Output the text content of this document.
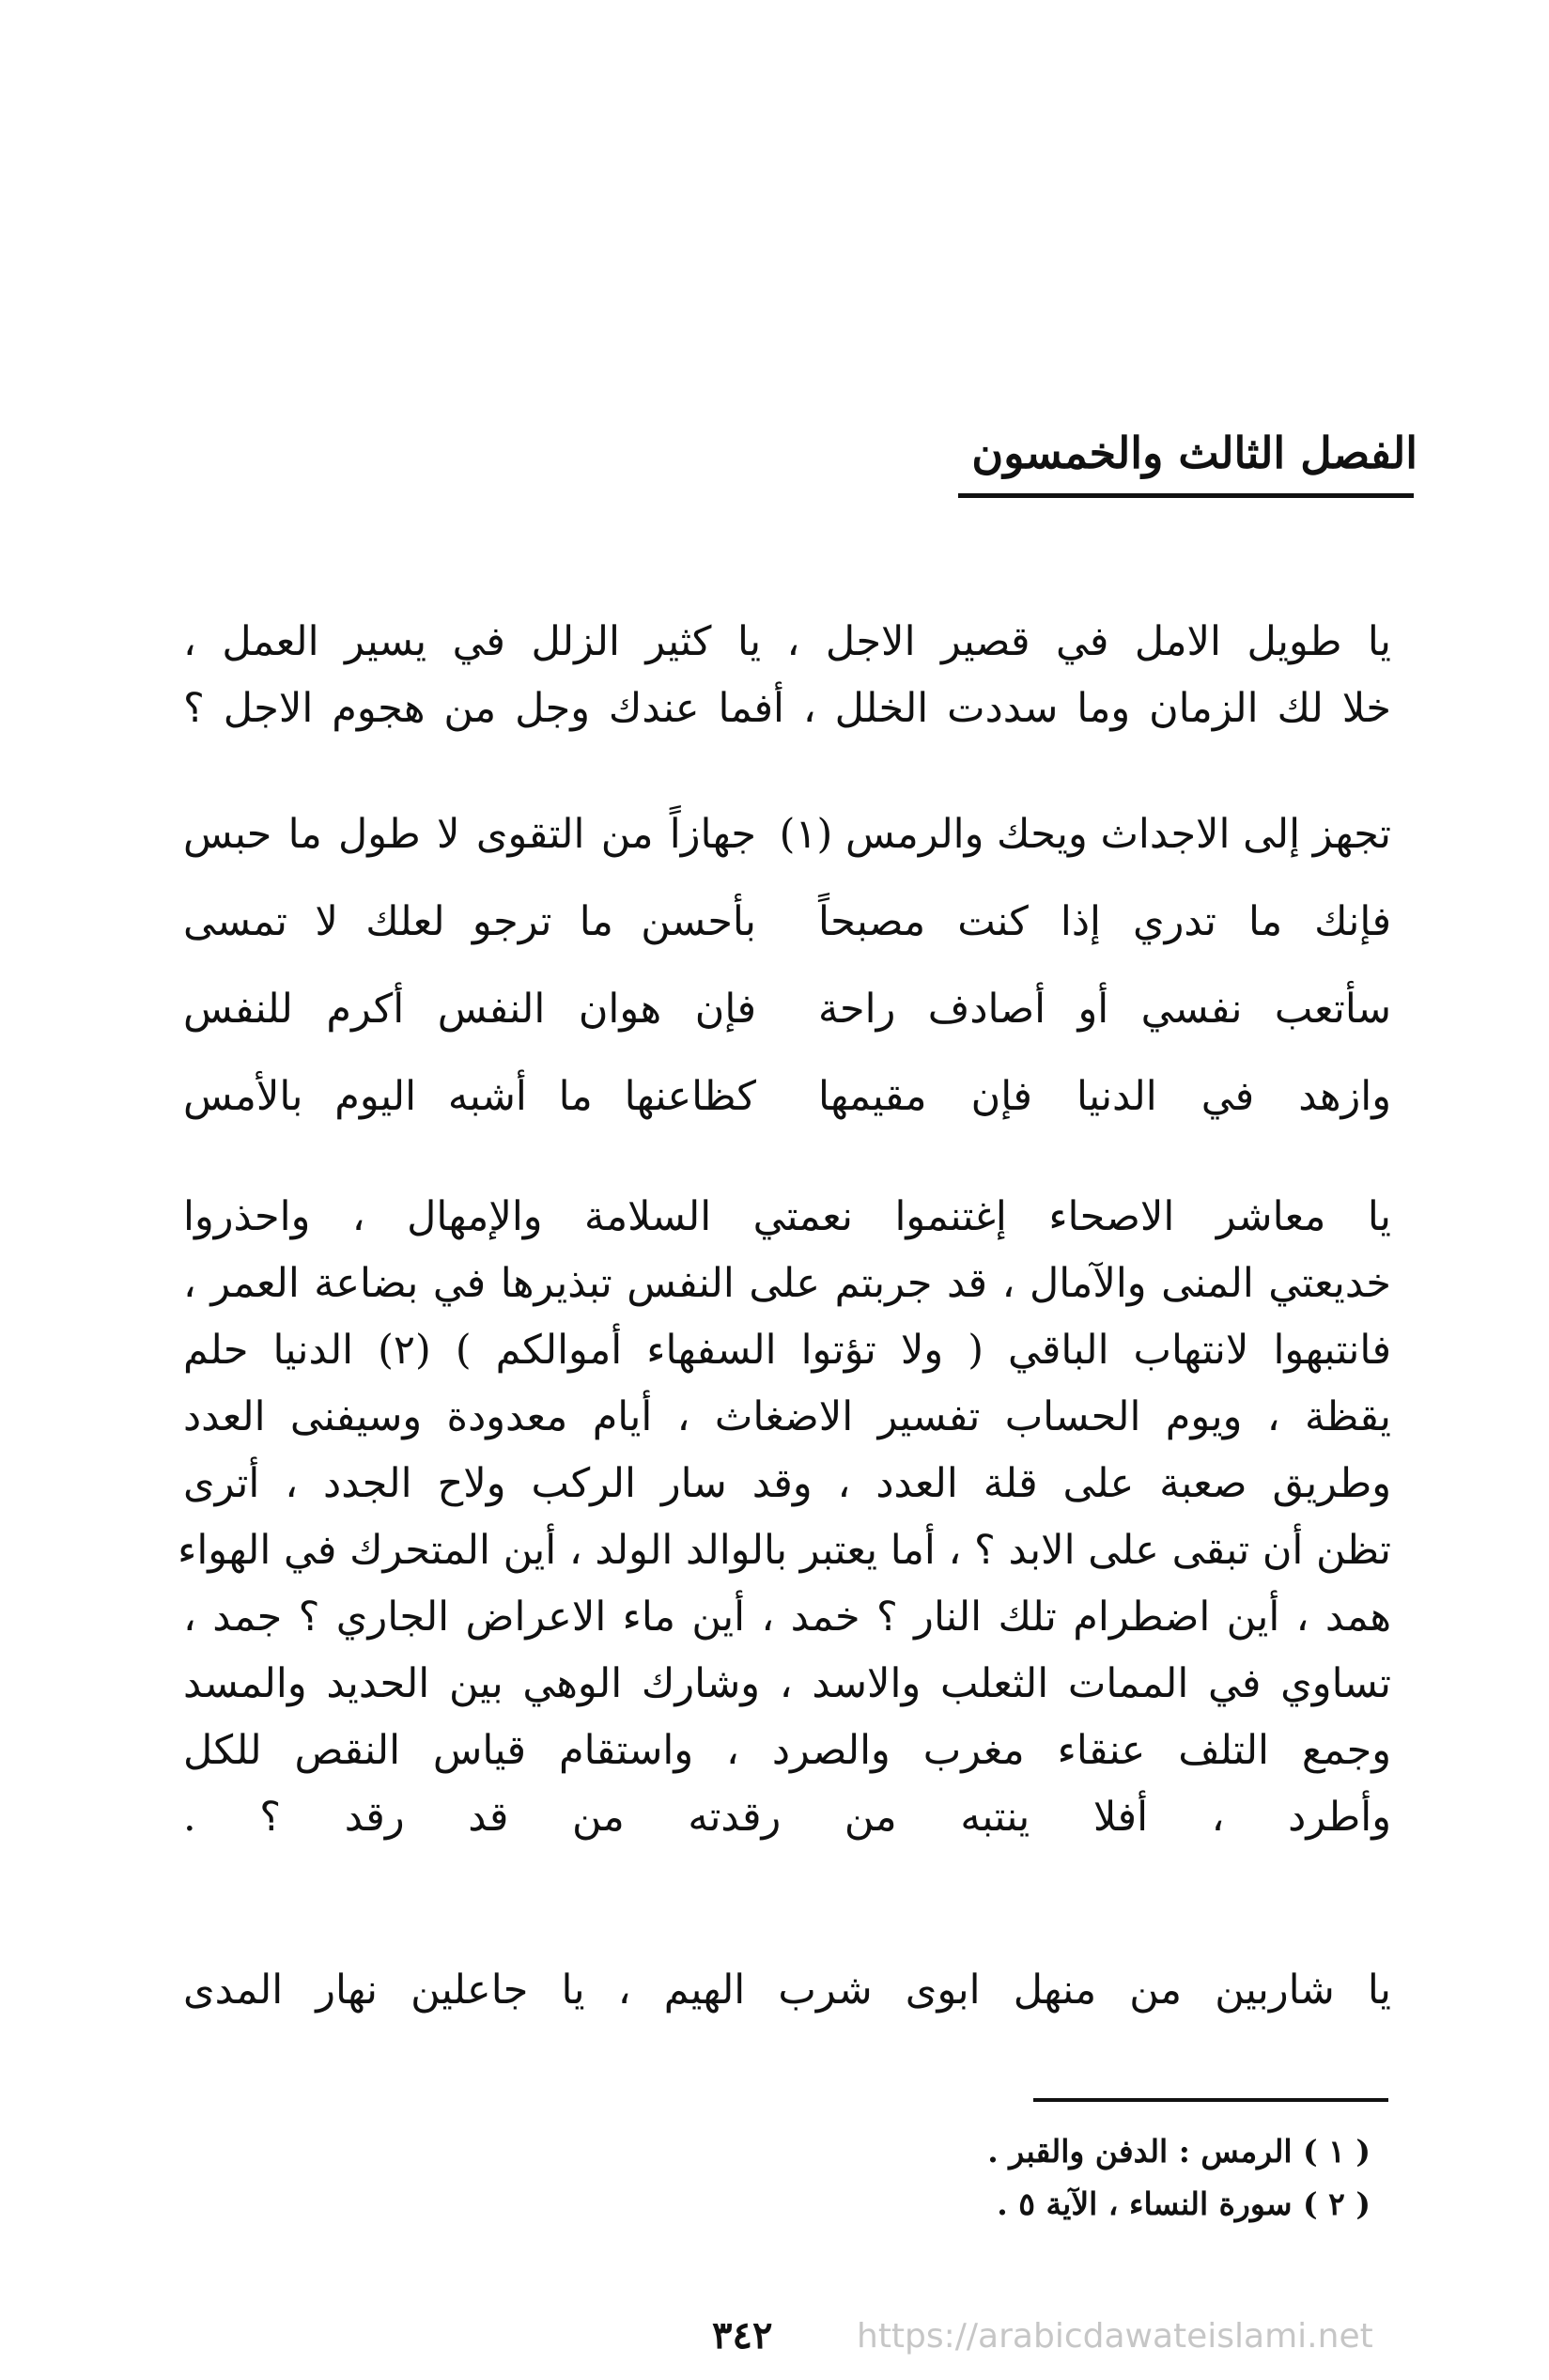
الفصل الثالث والخمسون
يا طويل الامل في قصير الاجل ، يا كثير الزلل في يسير العمل ،
خلا لك الزمان وما سددت الخلل ، أفما عندك وجل من هجوم الاجل ؟
تجهز إلى الاجداث ويحك والرمس (١)
جهازاً من التقوى لا طول ما حبس
فإنك ما تدري إذا كنت مصبحاً
بأحسن ما ترجو لعلك لا تمسى
سأتعب نفسي أو أصادف راحة
فإن هوان النفس أكرم للنفس
وازهد في الدنيا فإن مقيمها
كظاعنها ما أشبه اليوم بالأمس
يا معاشر الاصحاء إغتنموا نعمتي السلامة والإمهال ، واحذروا
خديعتي المنى والآمال ، قد جربتم على النفس تبذيرها في بضاعة العمر ،
فانتبهوا لانتهاب الباقي ( ولا تؤتوا السفهاء أموالكم ) (٢) الدنيا حلم
يقظة ، ويوم الحساب تفسير الاضغاث ، أيام معدودة وسيفنى العدد
وطريق صعبة على قلة العدد ، وقد سار الركب ولاح الجدد ، أترى
تظن أن تبقى على الابد ؟ ، أما يعتبر بالوالد الولد ، أين المتحرك في الهواء
همد ، أين اضطرام تلك النار ؟ خمد ، أين ماء الاعراض الجاري ؟ جمد ،
تساوي في الممات الثعلب والاسد ، وشارك الوهي بين الحديد والمسد
وجمع التلف عنقاء مغرب والصرد ، واستقام قياس النقص للكل
وأطرد ، أفلا ينتبه من رقدته من قد رقد ؟ .
يا شاربين من منهل ابوى شرب الهيم ، يا جاعلين نهار المدى
( ١ ) الرمس : الدفن والقبر .
( ٢ ) سورة النساء ، الآية ٥ .
٣٤٢ https://arabicdawateislami.net
